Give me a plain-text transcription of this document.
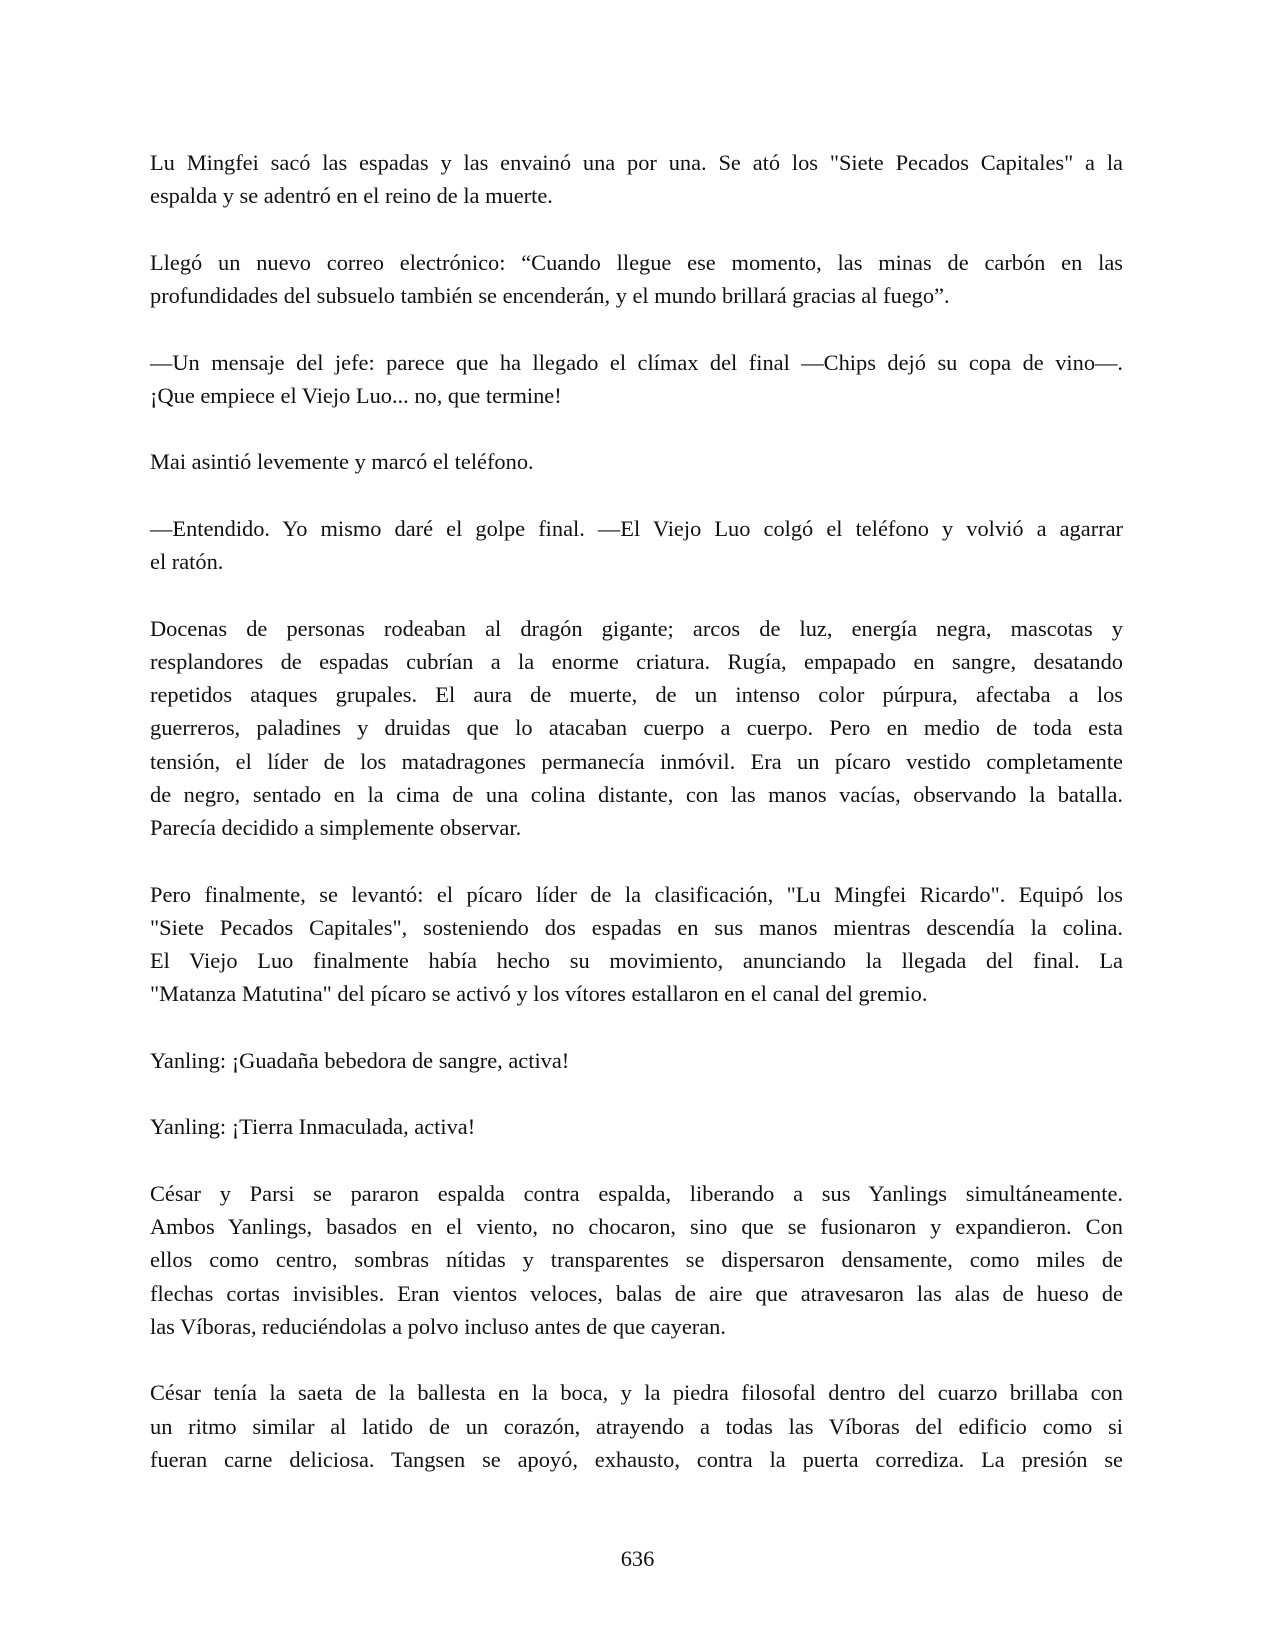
Lu Mingfei sacó las espadas y las envainó una por una. Se ató los "Siete Pecados Capitales" a la
espalda y se adentró en el reino de la muerte.

Llegó un nuevo correo electrónico: “Cuando llegue ese momento, las minas de carbón en las
profundidades del subsuelo también se encenderán, y el mundo brillará gracias al fuego”.

—Un mensaje del jefe: parece que ha llegado el clímax del final —Chips dejó su copa de vino—.
¡Que empiece el Viejo Luo... no, que termine!

Mai asintió levemente y marcó el teléfono.

—Entendido. Yo mismo daré el golpe final. —El Viejo Luo colgó el teléfono y volvió a agarrar
el ratón.

Docenas de personas rodeaban al dragón gigante; arcos de luz, energía negra, mascotas y
resplandores de espadas cubrían a la enorme criatura. Rugía, empapado en sangre, desatando
repetidos ataques grupales. El aura de muerte, de un intenso color púrpura, afectaba a los
guerreros, paladines y druidas que lo atacaban cuerpo a cuerpo. Pero en medio de toda esta
tensión, el líder de los matadragones permanecía inmóvil. Era un pícaro vestido completamente
de negro, sentado en la cima de una colina distante, con las manos vacías, observando la batalla.
Parecía decidido a simplemente observar.

Pero finalmente, se levantó: el pícaro líder de la clasificación, "Lu Mingfei Ricardo". Equipó los
"Siete Pecados Capitales", sosteniendo dos espadas en sus manos mientras descendía la colina.
El Viejo Luo finalmente había hecho su movimiento, anunciando la llegada del final. La
"Matanza Matutina" del pícaro se activó y los vítores estallaron en el canal del gremio.

Yanling: ¡Guadaña bebedora de sangre, activa!

Yanling: ¡Tierra Inmaculada, activa!

César y Parsi se pararon espalda contra espalda, liberando a sus Yanlings simultáneamente.
Ambos Yanlings, basados en el viento, no chocaron, sino que se fusionaron y expandieron. Con
ellos como centro, sombras nítidas y transparentes se dispersaron densamente, como miles de
flechas cortas invisibles. Eran vientos veloces, balas de aire que atravesaron las alas de hueso de
las Víboras, reduciéndolas a polvo incluso antes de que cayeran.

César tenía la saeta de la ballesta en la boca, y la piedra filosofal dentro del cuarzo brillaba con
un ritmo similar al latido de un corazón, atrayendo a todas las Víboras del edificio como si
fueran carne deliciosa. Tangsen se apoyó, exhausto, contra la puerta corrediza. La presión se

636
